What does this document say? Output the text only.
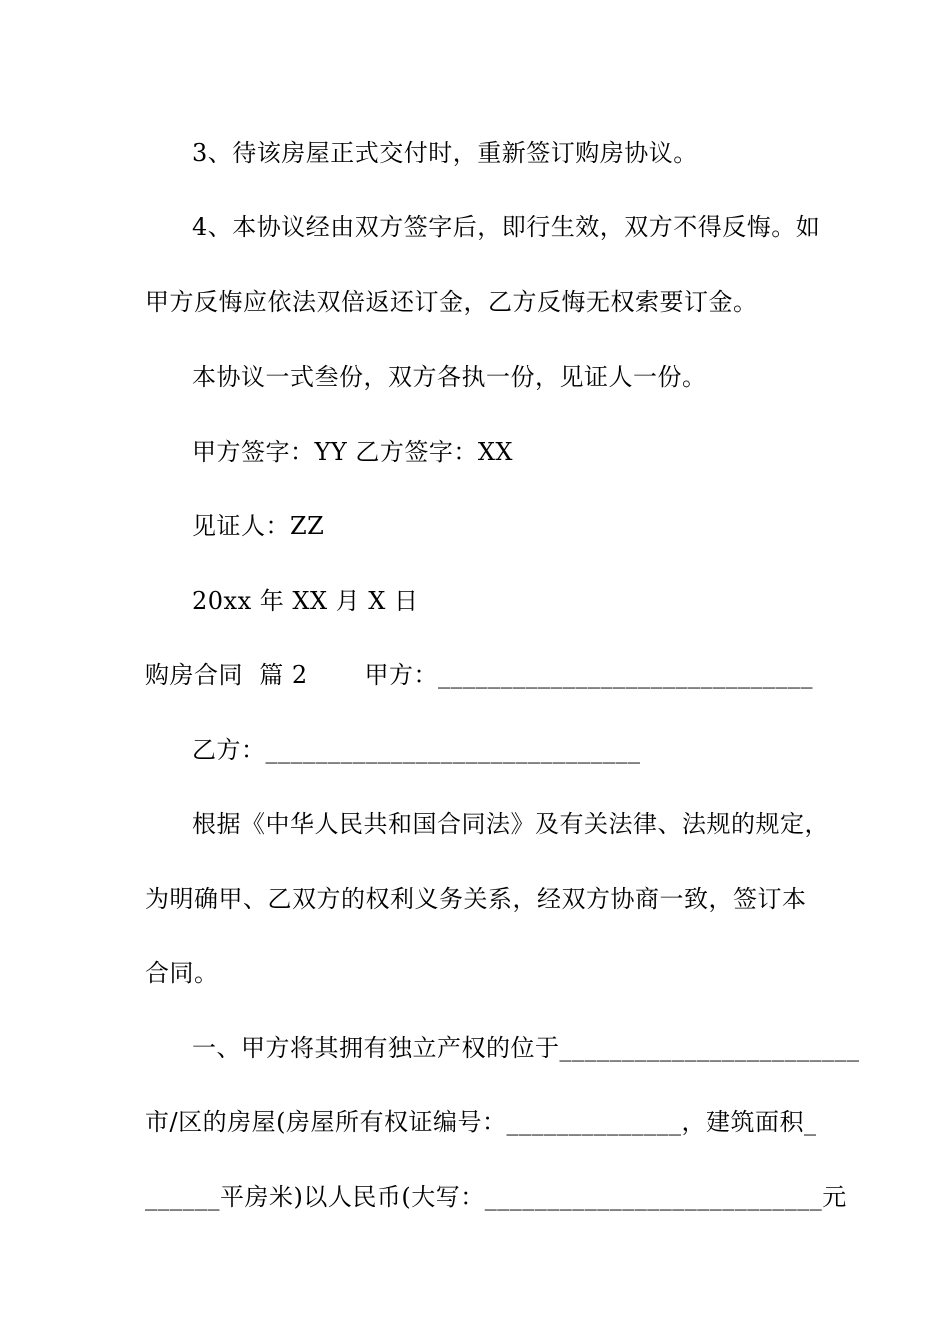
3、待该房屋正式交付时，重新签订购房协议。
4、本协议经由双方签字后，即行生效，双方不得反悔。如
甲方反悔应依法双倍返还订金，乙方反悔无权索要订金。
本协议一式叁份，双方各执一份，见证人一份。
甲方签字：YY 乙方签字：XX
见证人：ZZ
20xx 年 XX 月 X 日
购房合同  篇 2       甲方：______________________________
乙方：______________________________
根据《中华人民共和国合同法》及有关法律、法规的规定，
为明确甲、乙双方的权利义务关系，经双方协商一致，签订本
合同。
一、甲方将其拥有独立产权的位于________________________
市/区的房屋(房屋所有权证编号：______________，建筑面积_
______平房米)以人民币(大写：___________________________元
